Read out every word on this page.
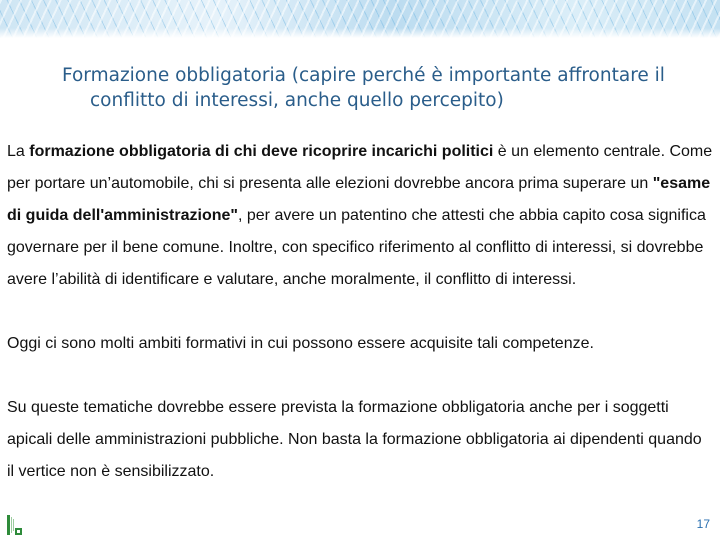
Formazione obbligatoria (capire perché è importante affrontare il
conflitto di interessi, anche quello percepito)

La formazione obbligatoria di chi deve ricoprire incarichi politici è un elemento centrale. Come per portare un’automobile, chi si presenta alle elezioni dovrebbe ancora prima superare un "esame di guida dell'amministrazione", per avere un patentino che attesti che abbia capito cosa significa governare per il bene comune. Inoltre, con specifico riferimento al conflitto di interessi, si dovrebbe avere l’abilità di identificare e valutare, anche moralmente, il conflitto di interessi.

Oggi ci sono molti ambiti formativi in cui possono essere acquisite tali competenze.

Su queste tematiche dovrebbe essere prevista la formazione obbligatoria anche per i soggetti apicali delle amministrazioni pubbliche. Non basta la formazione obbligatoria ai dipendenti quando il vertice non è sensibilizzato.

17
